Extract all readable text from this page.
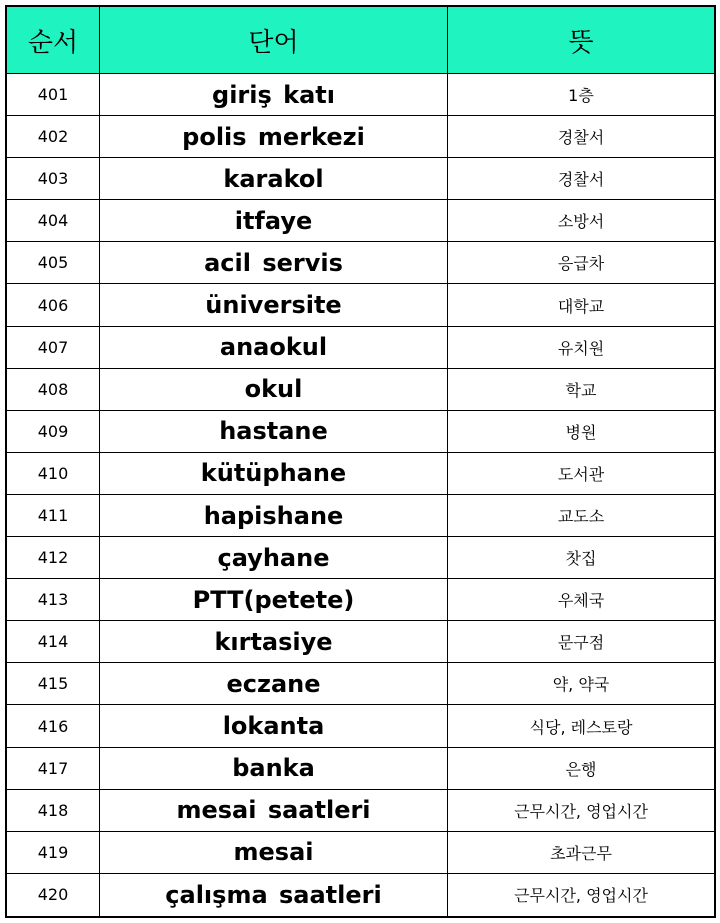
순서	단어	뜻
401	giriş katı	1층
402	polis merkezi	경찰서
403	karakol	경찰서
404	itfaye	소방서
405	acil servis	응급차
406	üniversite	대학교
407	anaokul	유치원
408	okul	학교
409	hastane	병원
410	kütüphane	도서관
411	hapishane	교도소
412	çayhane	찻집
413	PTT(petete)	우체국
414	kırtasiye	문구점
415	eczane	약, 약국
416	lokanta	식당, 레스토랑
417	banka	은행
418	mesai saatleri	근무시간, 영업시간
419	mesai	초과근무
420	çalışma saatleri	근무시간, 영업시간
